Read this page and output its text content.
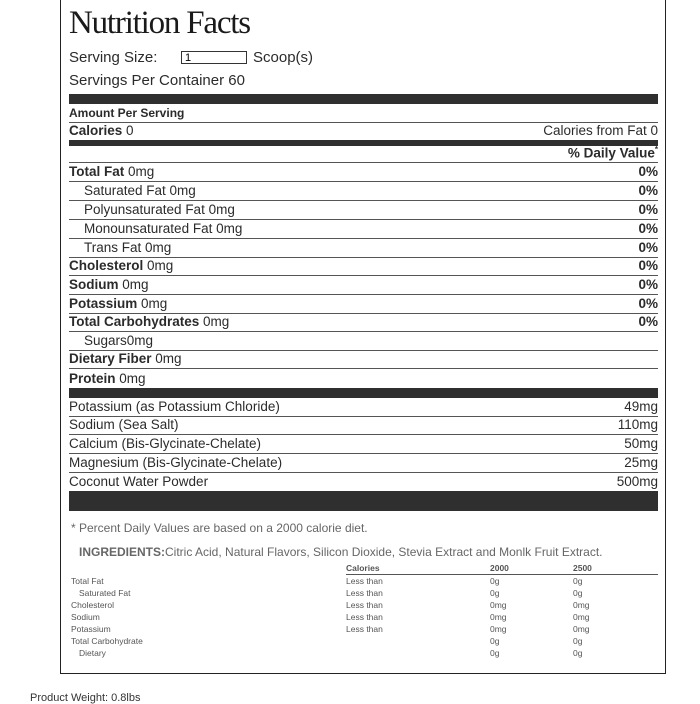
Nutrition Facts
Serving Size:
1	Scoop(s)
Servings Per Container 60
Amount Per Serving
Calories 0	Calories from Fat 0
% Daily Value*
Total Fat 0mg	0%
Saturated Fat 0mg	0%
Polyunsaturated Fat 0mg	0%
Monounsaturated Fat 0mg	0%
Trans Fat 0mg	0%
Cholesterol 0mg	0%
Sodium 0mg	0%
Potassium 0mg	0%
Total Carbohydrates 0mg	0%
Sugars0mg
Dietary Fiber 0mg
Protein 0mg
Potassium (as Potassium Chloride)	49mg
Sodium (Sea Salt)	110mg
Calcium (Bis-Glycinate-Chelate)	50mg
Magnesium (Bis-Glycinate-Chelate)	25mg
Coconut Water Powder	500mg
* Percent Daily Values are based on a 2000 calorie diet.
INGREDIENTS:Citric Acid, Natural Flavors, Silicon Dioxide, Stevia Extract and Monlk Fruit Extract.
	Calories	2000	2500
Total Fat	Less than	0g	0g
Saturated Fat	Less than	0g	0g
Cholesterol	Less than	0mg	0mg
Sodium	Less than	0mg	0mg
Potassium	Less than	0mg	0mg
Total Carbohydrate		0g	0g
Dietary		0g	0g
Product Weight: 0.8lbs
